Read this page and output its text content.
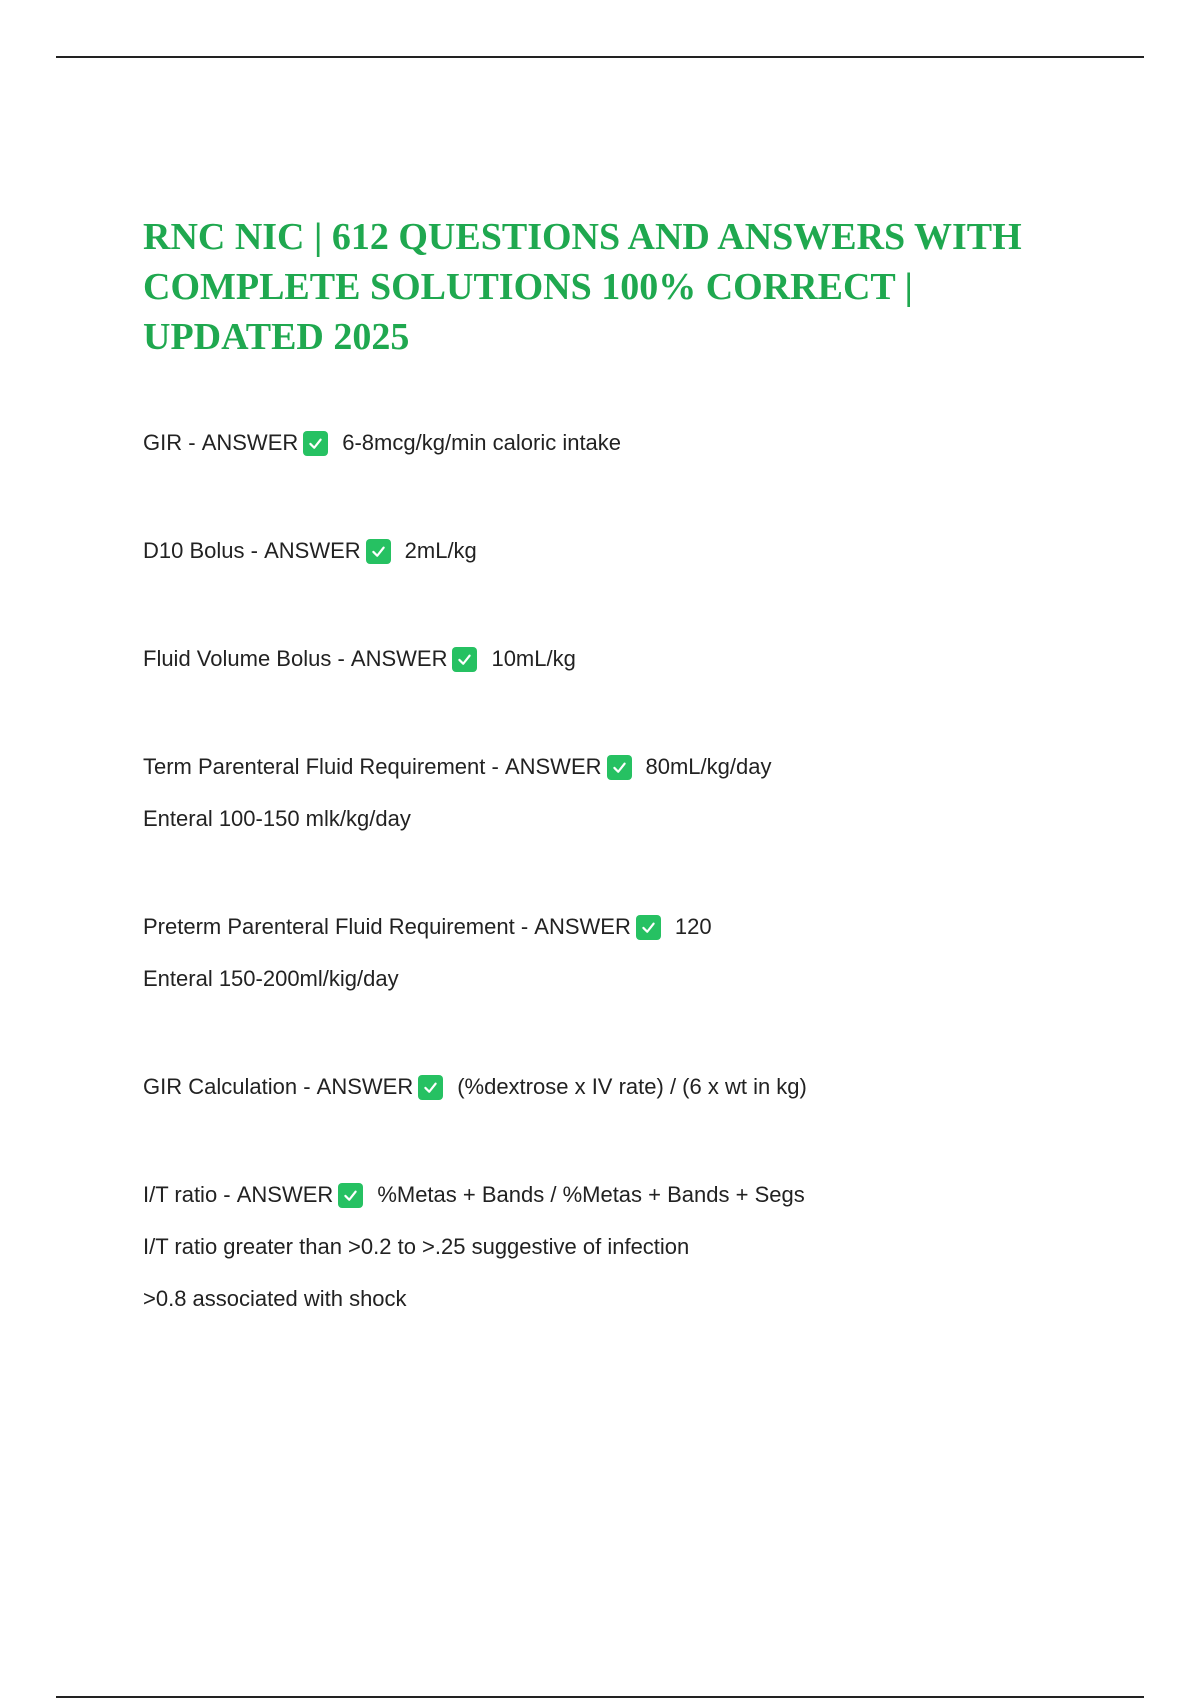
RNC NIC | 612 QUESTIONS AND ANSWERS WITH COMPLETE SOLUTIONS 100% CORRECT | UPDATED 2025
GIR - ANSWER 6-8mcg/kg/min caloric intake
D10 Bolus - ANSWER 2mL/kg
Fluid Volume Bolus - ANSWER 10mL/kg
Term Parenteral Fluid Requirement - ANSWER 80mL/kg/day
Enteral 100-150 mlk/kg/day
Preterm Parenteral Fluid Requirement - ANSWER 120
Enteral 150-200ml/kig/day
GIR Calculation - ANSWER (%dextrose x IV rate) / (6 x wt in kg)
I/T ratio - ANSWER %Metas + Bands / %Metas + Bands + Segs
I/T ratio greater than >0.2 to >.25 suggestive of infection
>0.8 associated with shock
